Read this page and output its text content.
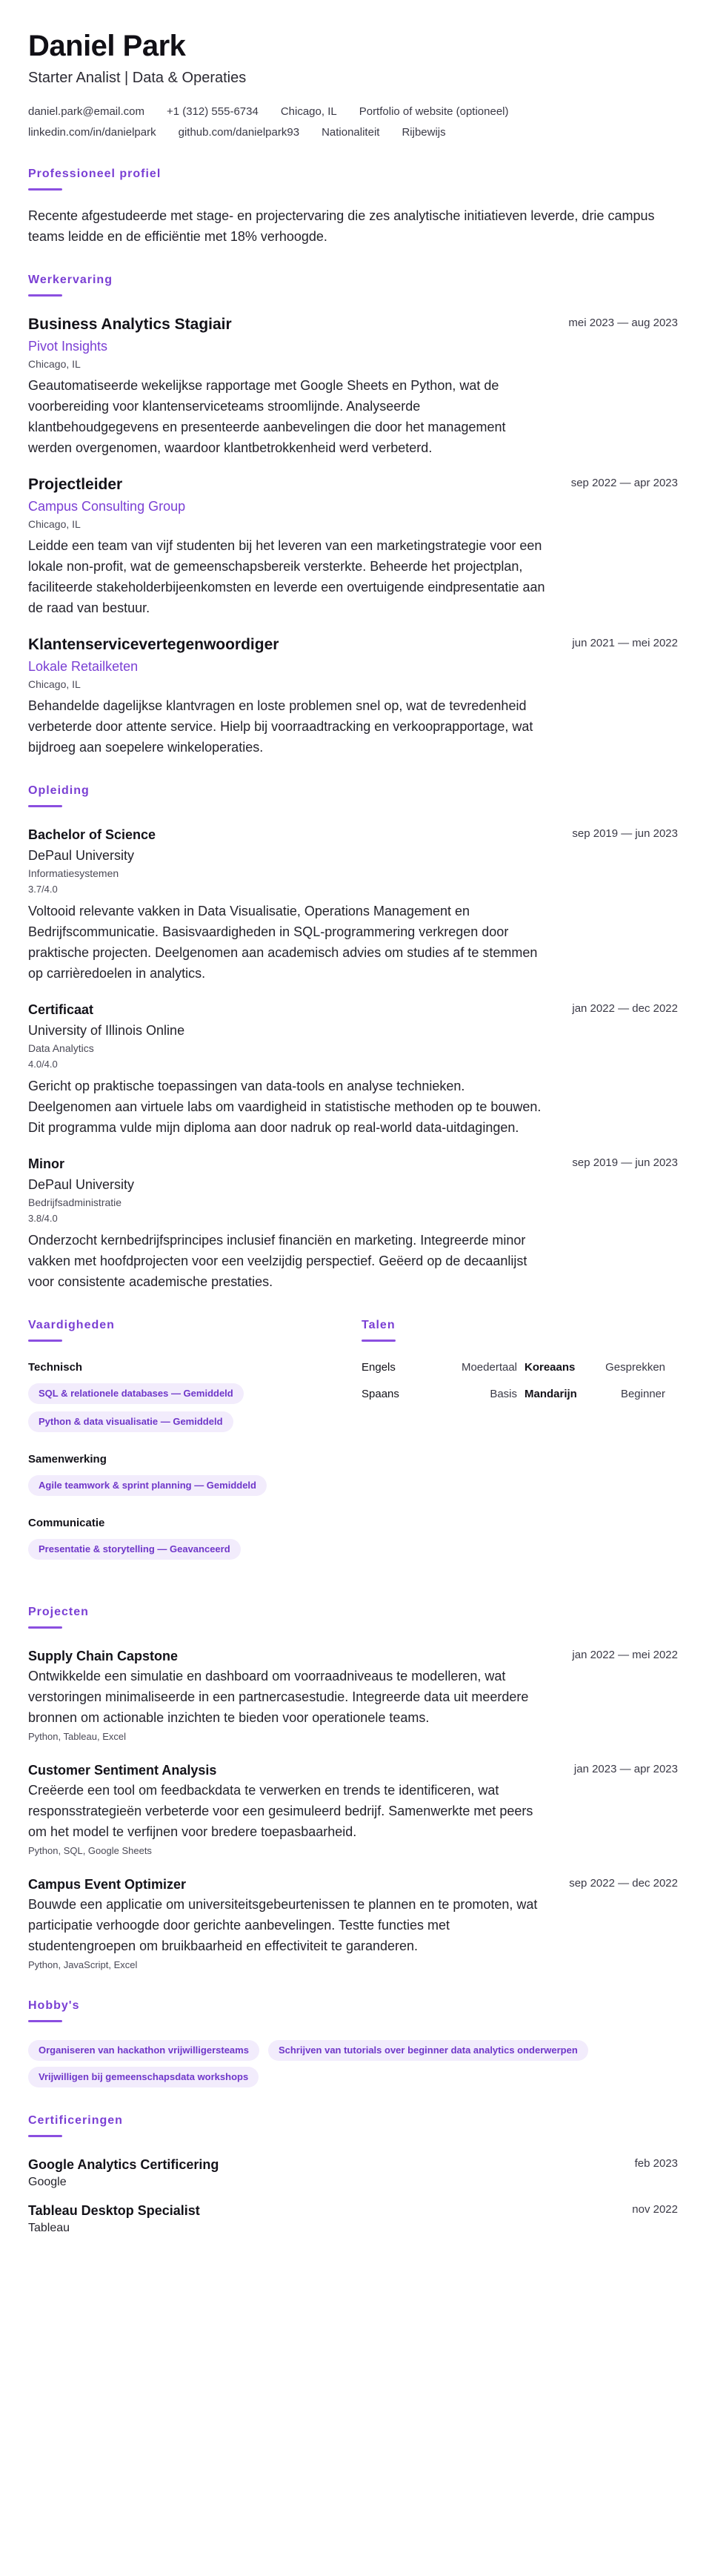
Daniel Park
Starter Analist | Data & Operaties
daniel.park@email.com +1 (312) 555-6734 Chicago, IL Portfolio of website (optioneel)
linkedin.com/in/danielpark github.com/danielpark93 Nationaliteit Rijbewijs
Professioneel profiel

Recente afgestudeerde met stage- en projectervaring die zes analytische initiatieven leverde, drie campus teams leidde en de efficiëntie met 18% verhoogde.

Werkervaring
Business Analytics Stagiair	mei 2023 — aug 2023
Pivot Insights
Chicago, IL

Geautomatiseerde wekelijkse rapportage met Google Sheets en Python, wat de voorbereiding voor klantenserviceteams stroomlijnde. Analyseerde klantbehoudgegevens en presenteerde aanbevelingen die door het management werden overgenomen, waardoor klantbetrokkenheid werd verbeterd.

Projectleider	sep 2022 — apr 2023
Campus Consulting Group
Chicago, IL

Leidde een team van vijf studenten bij het leveren van een marketingstrategie voor een lokale non-profit, wat de gemeenschapsbereik versterkte. Beheerde het projectplan, faciliteerde stakeholderbijeenkomsten en leverde een overtuigende eindpresentatie aan de raad van bestuur.

Klantenservicevertegenwoordiger	jun 2021 — mei 2022
Lokale Retailketen
Chicago, IL

Behandelde dagelijkse klantvragen en loste problemen snel op, wat de tevredenheid verbeterde door attente service. Hielp bij voorraadtracking en verkooprapportage, wat bijdroeg aan soepelere winkeloperaties.

Opleiding
Bachelor of Science	sep 2019 — jun 2023
DePaul University
Informatiesystemen
3.7/4.0

Voltooid relevante vakken in Data Visualisatie, Operations Management en Bedrijfscommunicatie. Basisvaardigheden in SQL-programmering verkregen door praktische projecten. Deelgenomen aan academisch advies om studies af te stemmen op carrièredoelen in analytics.

Certificaat	jan 2022 — dec 2022
University of Illinois Online
Data Analytics
4.0/4.0

Gericht op praktische toepassingen van data-tools en analyse technieken. Deelgenomen aan virtuele labs om vaardigheid in statistische methoden op te bouwen. Dit programma vulde mijn diploma aan door nadruk op real-world data-uitdagingen.

Minor	sep 2019 — jun 2023
DePaul University
Bedrijfsadministratie
3.8/4.0

Onderzocht kernbedrijfsprincipes inclusief financiën en marketing. Integreerde minor vakken met hoofdprojecten voor een veelzijdig perspectief. Geëerd op de decaanlijst voor consistente academische prestaties.

Vaardigheden
Technisch
SQL & relationele databases — Gemiddeld
Python & data visualisatie — Gemiddeld
Samenwerking
Agile teamwork & sprint planning — Gemiddeld
Communicatie
Presentatie & storytelling — Geavanceerd
Talen
Engels	Moedertaal Koreaans	Gesprekken
Spaans	Basis Mandarijn	Beginner
Projecten
Supply Chain Capstone	jan 2022 — mei 2022

Ontwikkelde een simulatie en dashboard om voorraadniveaus te modelleren, wat verstoringen minimaliseerde in een partnercasestudie. Integreerde data uit meerdere bronnen om actionable inzichten te bieden voor operationele teams.

Python, Tableau, Excel
Customer Sentiment Analysis	jan 2023 — apr 2023

Creëerde een tool om feedbackdata te verwerken en trends te identificeren, wat responsstrategieën verbeterde voor een gesimuleerd bedrijf. Samenwerkte met peers om het model te verfijnen voor bredere toepasbaarheid.

Python, SQL, Google Sheets
Campus Event Optimizer	sep 2022 — dec 2022

Bouwde een applicatie om universiteitsgebeurtenissen te plannen en te promoten, wat participatie verhoogde door gerichte aanbevelingen. Testte functies met studentengroepen om bruikbaarheid en effectiviteit te garanderen.

Python, JavaScript, Excel
Hobby's
Organiseren van hackathon vrijwilligersteams	Schrijven van tutorials over beginner data analytics onderwerpen
Vrijwilligen bij gemeenschapsdata workshops
Certificeringen
Google Analytics Certificering	feb 2023
Google
Tableau Desktop Specialist	nov 2022
Tableau
